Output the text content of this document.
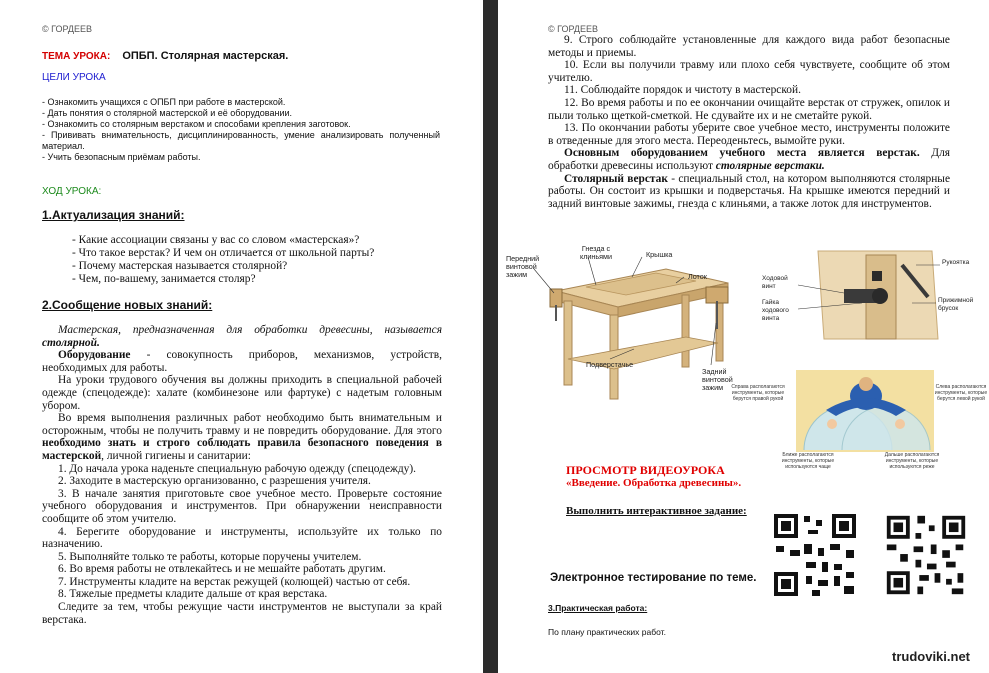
© ГОРДЕЕВ
ТЕМА УРОКА: ОПБП. Столярная мастерская.
ЦЕЛИ УРОКА

- Ознакомить учащихся с ОПБП при работе в мастерской.

- Дать понятия о столярной мастерской и её оборудовании.

- Ознакомить со столярным верстаком и способами крепления заготовок.

- Прививать внимательность, дисциплинированность, умение анализировать полученный материал.

- Учить безопасным приёмам работы.

ХОД УРОКА:
1.Актуализация знаний:

- Какие ассоциации связаны у вас со словом «мастерская»?

- Что такое верстак? И чем он отличается от школьной парты?

- Почему мастерская называется столярной?

- Чем, по-вашему, занимается столяр?

2.Сообщение новых знаний:

Мастерская, предназначенная для обработки древесины, называется столярной.

Оборудование - совокупность приборов, механизмов, устройств, необходимых для работы.

На уроки трудового обучения вы должны приходить в специальной рабочей одежде (спецодежде): халате (комбинезоне или фартуке) с надетым головным убором.

Во время выполнения различных работ необходимо быть внимательным и осторожным, чтобы не получить травму и не повредить оборудование. Для этого необходимо знать и строго соблюдать правила безопасного поведения в мастерской, личной гигиены и санитарии:

1. До начала урока наденьте специальную рабочую одежду (спецодежду).

2. Заходите в мастерскую организованно, с разрешения учителя.

3. В начале занятия приготовьте свое учебное место. Проверьте состояние учебного оборудования и инструментов. При обнаружении неисправности сообщите об этом учителю.

4. Берегите оборудование и инструменты, используйте их только по назначению.

5. Выполняйте только те работы, которые поручены учителем.

6. Во время работы не отвлекайтесь и не мешайте работать другим.

7. Инструменты кладите на верстак режущей (колющей) частью от себя.

8. Тяжелые предметы кладите дальше от края верстака.

Следите за тем, чтобы режущие части инструментов не выступали за край верстака.

© ГОРДЕЕВ

9. Строго соблюдайте установленные для каждого вида работ безопасные методы и приемы.

10. Если вы получили травму или плохо себя чувствуете, сообщите об этом учителю.

11. Соблюдайте порядок и чистоту в мастерской.

12. Во время работы и по ее окончании очищайте верстак от стружек, опилок и пыли только щеткой-сметкой. Не сдувайте их и не сметайте рукой.

13. По окончании работы уберите свое учебное место, инструменты положите в отведенные для этого места. Переоденьтесь, вымойте руки.

Основным оборудованием учебного места является верстак. Для обработки древесины используют столярные верстаки.

Столярный верстак - специальный стол, на котором выполняются столярные работы. Он состоит из крышки и подверстачья. На крышке имеются передний и задний винтовые зажимы, гнезда с клиньями, а также лоток для инструментов.

Передний винтовой зажим
Гнезда с клиньями	Крышка
Лоток
Подверстачье
Задний винтовой зажим
Рукоятка
Ходовой винт
Гайка ходового винта
Прижимной брусок
Справа располагаются инструменты, которые берутся правой рукой
Слева располагаются инструменты, которые берутся левой рукой
Ближе располагаются инструменты, которые используются чаще
Дальше располагаются инструменты, которые используются реже
ПРОСМОТР ВИДЕОУРОКА
«Введение. Обработка древесины».
Выполнить интерактивное задание:
Электронное тестирование по теме.
3.Практическая работа:
По плану практических работ.
trudoviki.net
